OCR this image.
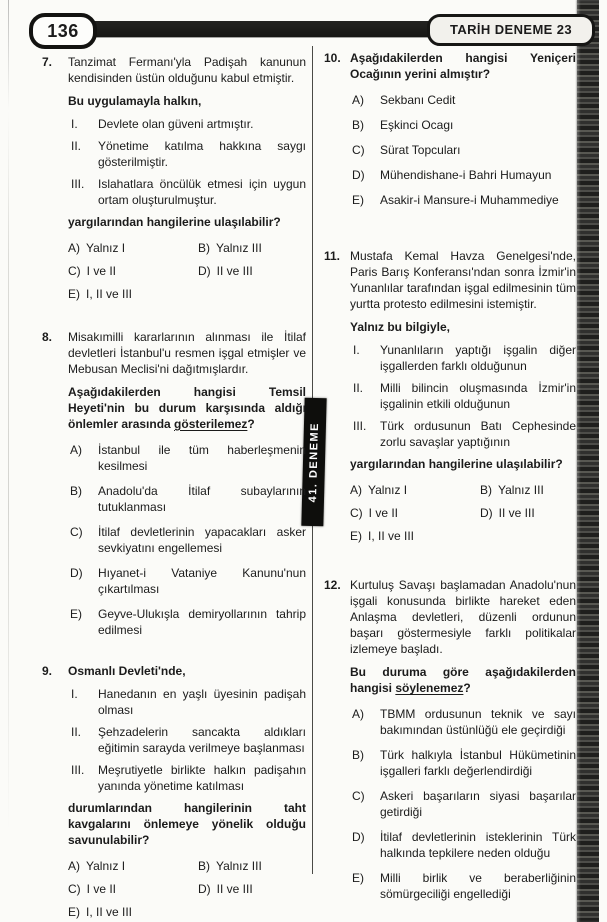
136	TARİH DENEME 23
41. DENEME
7. Tanzimat Fermanı'yla Padişah kanunun kendisinden üstün olduğunu kabul etmiştir.

Bu uygulamayla halkın,

I. Devlete olan güveni artmıştır.
II. Yönetime katılma hakkına saygı gösterilmiştir.
III. Islahatlara öncülük etmesi için uygun ortam oluşturulmuştur.

yargılarından hangilerine ulaşılabilir?

A) Yalnız I	B) Yalnız III
C) I ve II	D) II ve III
E) I, II ve III
8. Misakımilli kararlarının alınması ile İtilaf devletleri İstanbul'u resmen işgal etmişler ve Mebusan Meclisi'ni dağıtmışlardır.

Aşağıdakilerden hangisi Temsil Heyeti'nin bu durum karşısında aldığı önlemler arasında gösterilemez?

A) İstanbul ile tüm haberleşmenin kesilmesi
B) Anadolu'da İtilaf subaylarının tutuklanması
C) İtilaf devletlerinin yapacakları asker sevkiyatını engellemesi
D) Hıyanet-i Vataniye Kanunu'nun çıkartılması
E) Geyve-Ulukışla demiryollarının tahrip edilmesi
9. Osmanlı Devleti'nde,

I. Hanedanın en yaşlı üyesinin padişah olması
II. Şehzadelerin sancakta aldıkları eğitimin sarayda verilmeye başlanması
III. Meşrutiyetle birlikte halkın padişahın yanında yönetime katılması

durumlarından hangilerinin taht kavgalarını önlemeye yönelik olduğu savunulabilir?

A) Yalnız I	B) Yalnız III
C) I ve II	D) II ve III
E) I, II ve III
10. Aşağıdakilerden hangisi Yeniçeri Ocağının yerini almıştır?

A) Sekbanı Cedit
B) Eşkinci Ocagı
C) Sürat Topcuları
D) Mühendishane-i Bahri Humayun
E) Asakir-i Mansure-i Muhammediye
11. Mustafa Kemal Havza Genelgesi'nde, Paris Barış Konferansı'ndan sonra İzmir'in Yunanlılar tarafından işgal edilmesinin tüm yurtta protesto edilmesini istemiştir.

Yalnız bu bilgiyle,

I. Yunanlıların yaptığı işgalin diğer işgallerden farklı olduğunun
II. Milli bilincin oluşmasında İzmir'in işgalinin etkili olduğunun
III. Türk ordusunun Batı Cephesinde zorlu savaşlar yaptığının

yargılarından hangilerine ulaşılabilir?

A) Yalnız I	B) Yalnız III
C) I ve II	D) II ve III
E) I, II ve III
12. Kurtuluş Savaşı başlamadan Anadolu'nun işgali konusunda birlikte hareket eden Anlaşma devletleri, düzenli ordunun başarı göstermesiyle farklı politikalar izlemeye başladı.

Bu duruma göre aşağıdakilerden hangisi söylenemez?

A) TBMM ordusunun teknik ve sayı bakımından üstünlüğü ele geçirdiği
B) Türk halkıyla İstanbul Hükümetinin işgalleri farklı değerlendirdiği
C) Askeri başarıların siyasi başarılar getirdiği
D) İtilaf devletlerinin isteklerinin Türk halkında tepkilere neden olduğu
E) Milli birlik ve beraberliğinin sömürgeciliği engellediği
